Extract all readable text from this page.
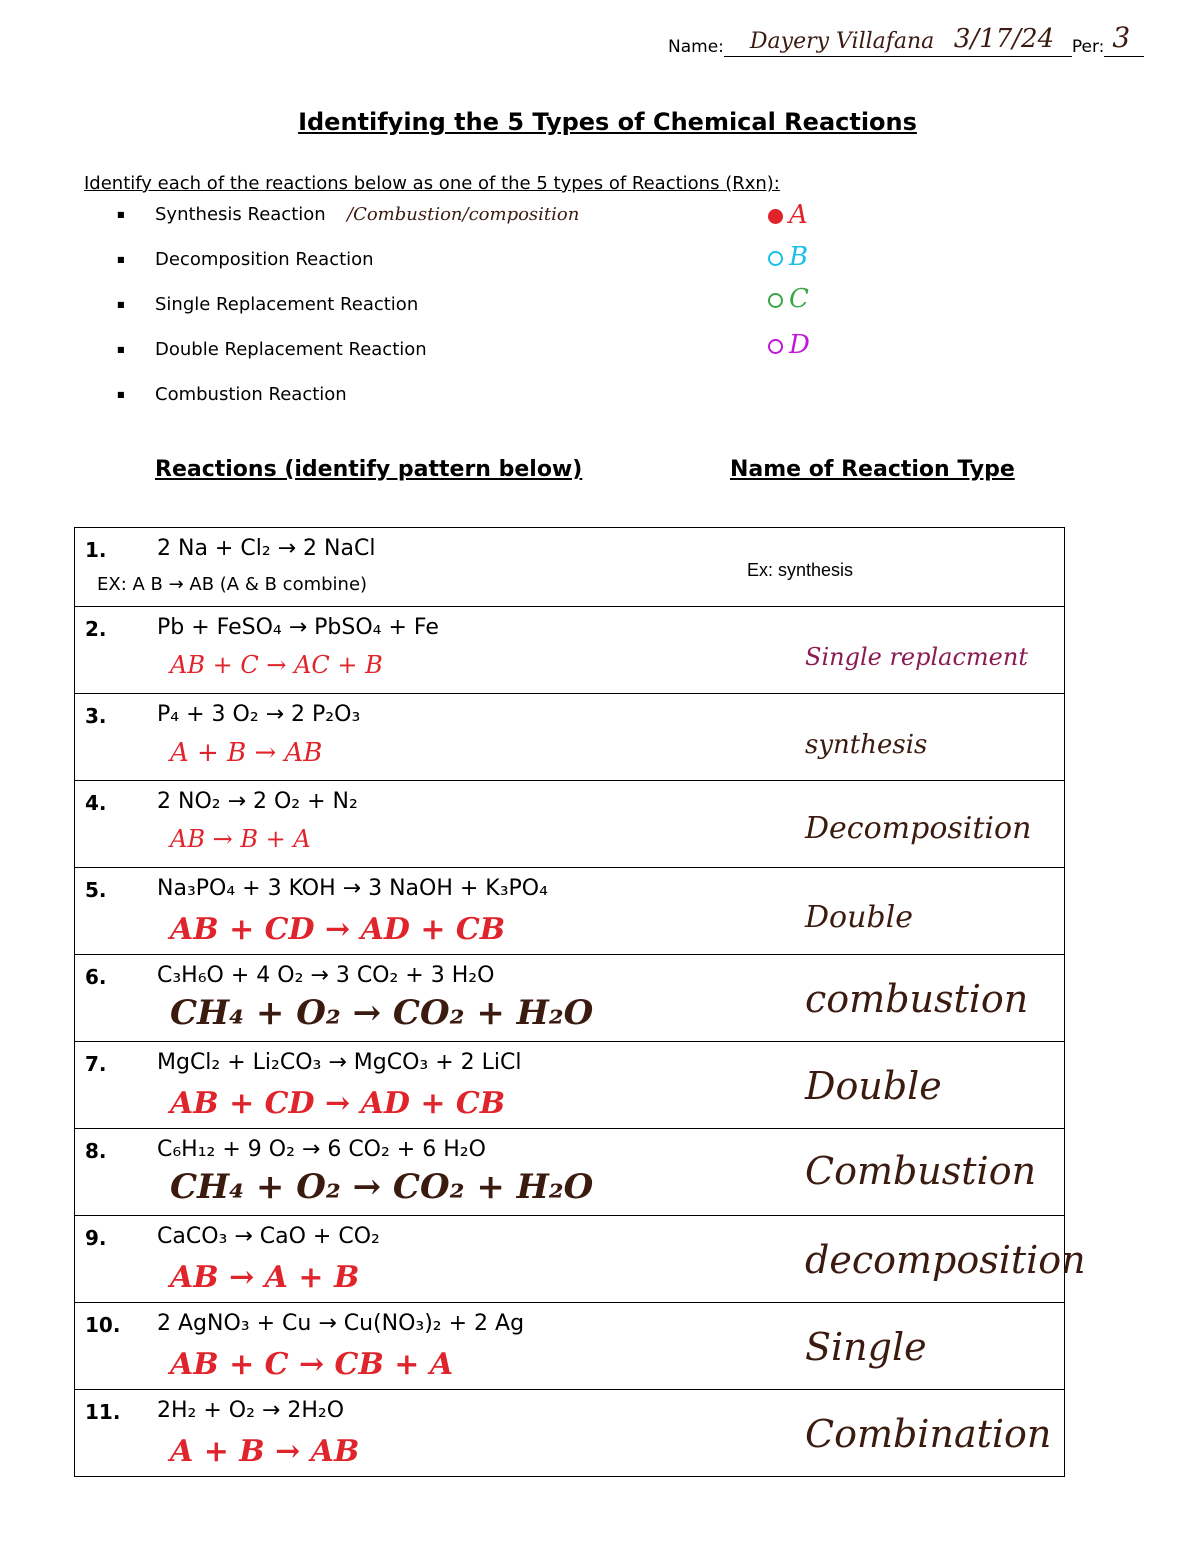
Name: Dayery Villafana 3/17/24 Per: 3
Identifying the 5 Types of Chemical Reactions
Identify each of the reactions below as one of the 5 types of Reactions (Rxn):
■ Synthesis Reaction /Combustion/composition
■ Decomposition Reaction
■ Single Replacement Reaction
■ Double Replacement Reaction
■ Combustion Reaction
A
B
C
D
Reactions (identify pattern below)	Name of Reaction Type
1. 2 Na + Cl₂ → 2 NaCl
EX: A B → AB (A & B combine)	Ex: synthesis

2. Pb + FeSO₄ → PbSO₄ + Fe
AB + C → AC + B	Single replacment

3. P₄ + 3 O₂ → 2 P₂O₃
A + B → AB	synthesis

4. 2 NO₂ → 2 O₂ + N₂
AB → B + A	Decomposition

5. Na₃PO₄ + 3 KOH → 3 NaOH + K₃PO₄
AB + CD → AD + CB	Double

6. C₃H₆O + 4 O₂ → 3 CO₂ + 3 H₂O
CH₄ + O₂ → CO₂ + H₂O	combustion

7. MgCl₂ + Li₂CO₃ → MgCO₃ + 2 LiCl
AB + CD → AD + CB	Double

8. C₆H₁₂ + 9 O₂ → 6 CO₂ + 6 H₂O
CH₄ + O₂ → CO₂ + H₂O	Combustion

9. CaCO₃ → CaO + CO₂
AB → A + B	decomposition

10. 2 AgNO₃ + Cu → Cu(NO₃)₂ + 2 Ag
AB + C → CB + A	Single

11. 2H₂ + O₂ → 2H₂O
A + B → AB	Combination
